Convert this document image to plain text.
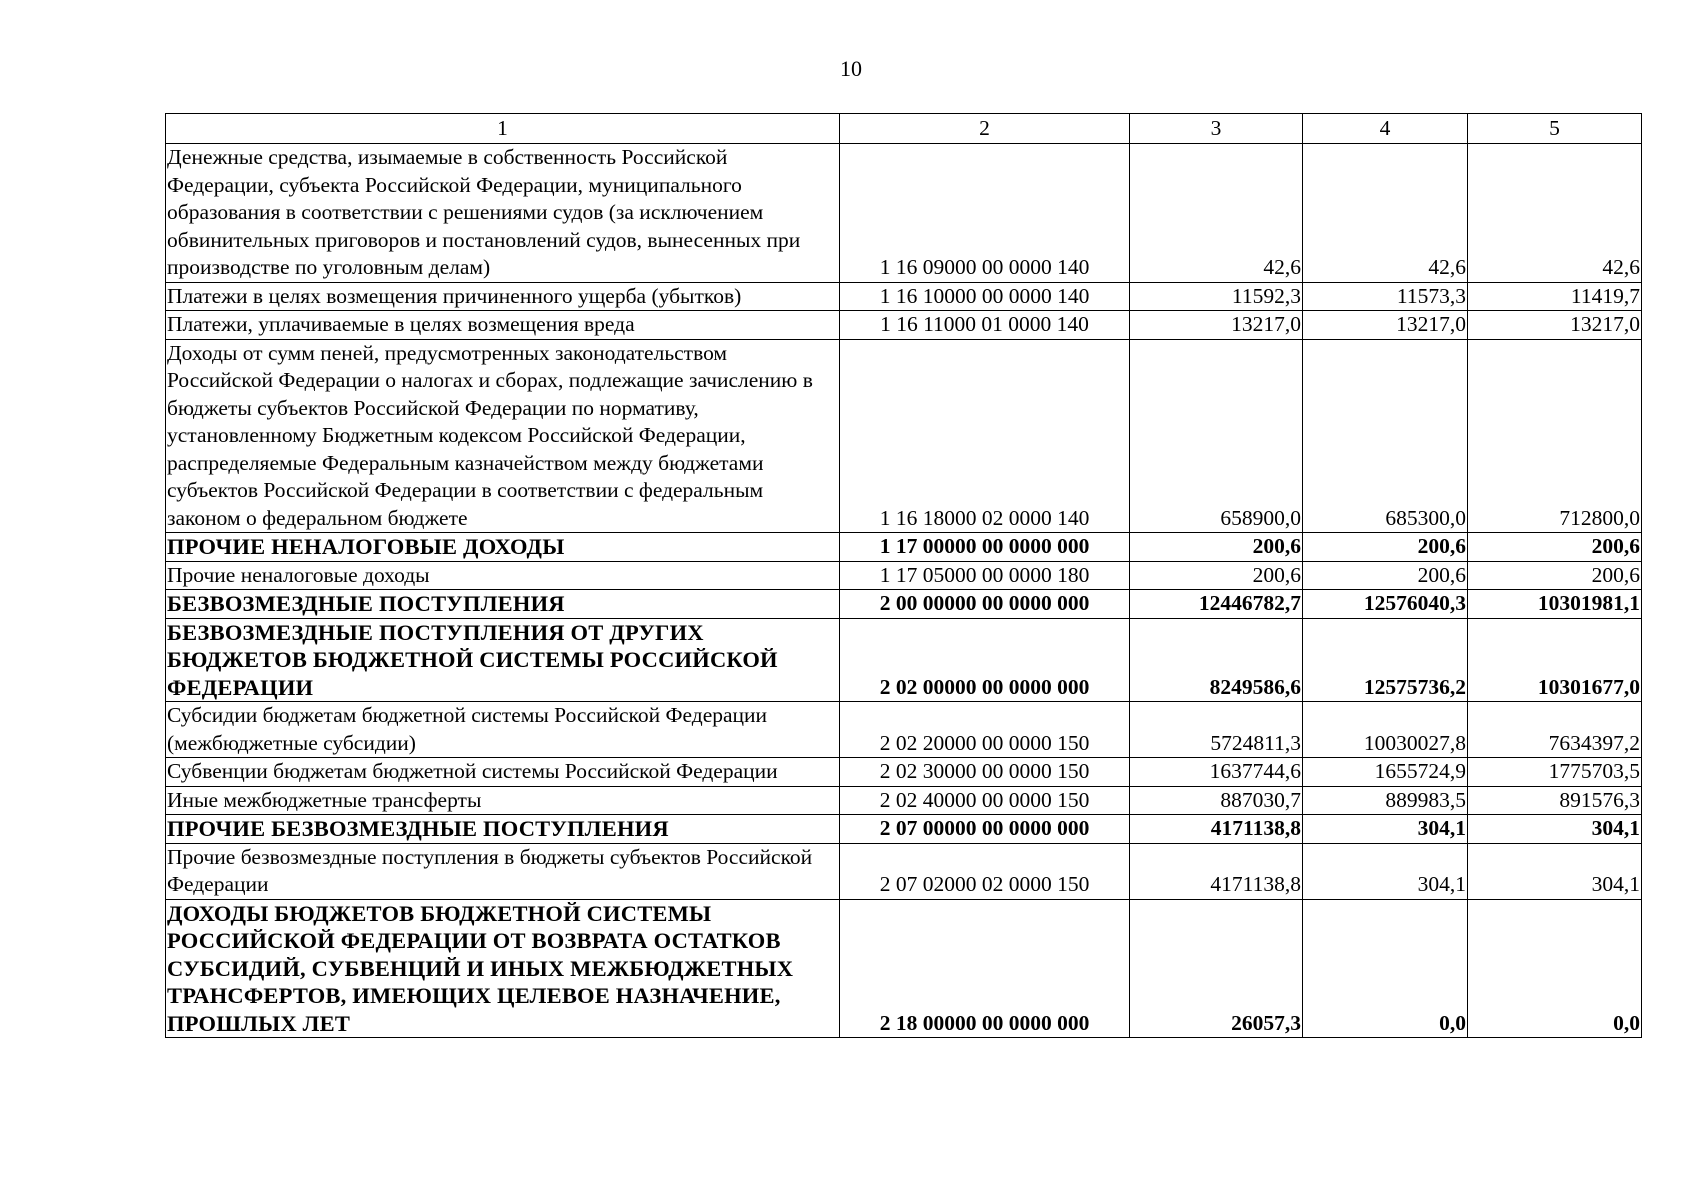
10
1	2	3	4	5
Денежные средства, изымаемые в собственность Российской Федерации, субъекта Российской Федерации, муниципального образования в соответствии с решениями судов (за исключением обвинительных приговоров и постановлений судов, вынесенных при производстве по уголовным делам)	1 16 09000 00 0000 140	42,6	42,6	42,6
Платежи в целях возмещения причиненного ущерба (убытков)	1 16 10000 00 0000 140	11592,3	11573,3	11419,7
Платежи, уплачиваемые в целях возмещения вреда	1 16 11000 01 0000 140	13217,0	13217,0	13217,0
Доходы от сумм пеней, предусмотренных законодательством Российской Федерации о налогах и сборах, подлежащие зачислению в бюджеты субъектов Российской Федерации по нормативу, установленному Бюджетным кодексом Российской Федерации, распределяемые Федеральным казначейством между бюджетами субъектов Российской Федерации в соответствии с федеральным законом о федеральном бюджете	1 16 18000 02 0000 140	658900,0	685300,0	712800,0
ПРОЧИЕ НЕНАЛОГОВЫЕ ДОХОДЫ	1 17 00000 00 0000 000	200,6	200,6	200,6
Прочие неналоговые доходы	1 17 05000 00 0000 180	200,6	200,6	200,6
БЕЗВОЗМЕЗДНЫЕ ПОСТУПЛЕНИЯ	2 00 00000 00 0000 000	12446782,7	12576040,3	10301981,1
БЕЗВОЗМЕЗДНЫЕ ПОСТУПЛЕНИЯ ОТ ДРУГИХ БЮДЖЕТОВ БЮДЖЕТНОЙ СИСТЕМЫ РОССИЙСКОЙ ФЕДЕРАЦИИ	2 02 00000 00 0000 000	8249586,6	12575736,2	10301677,0
Субсидии бюджетам бюджетной системы Российской Федерации (межбюджетные субсидии)	2 02 20000 00 0000 150	5724811,3	10030027,8	7634397,2
Субвенции бюджетам бюджетной системы Российской Федерации	2 02 30000 00 0000 150	1637744,6	1655724,9	1775703,5
Иные межбюджетные трансферты	2 02 40000 00 0000 150	887030,7	889983,5	891576,3
ПРОЧИЕ БЕЗВОЗМЕЗДНЫЕ ПОСТУПЛЕНИЯ	2 07 00000 00 0000 000	4171138,8	304,1	304,1
Прочие безвозмездные поступления в бюджеты субъектов Российской Федерации	2 07 02000 02 0000 150	4171138,8	304,1	304,1
ДОХОДЫ БЮДЖЕТОВ БЮДЖЕТНОЙ СИСТЕМЫ РОССИЙСКОЙ ФЕДЕРАЦИИ ОТ ВОЗВРАТА ОСТАТКОВ СУБСИДИЙ, СУБВЕНЦИЙ И ИНЫХ МЕЖБЮДЖЕТНЫХ ТРАНСФЕРТОВ, ИМЕЮЩИХ ЦЕЛЕВОЕ НАЗНАЧЕНИЕ, ПРОШЛЫХ ЛЕТ	2 18 00000 00 0000 000	26057,3	0,0	0,0
